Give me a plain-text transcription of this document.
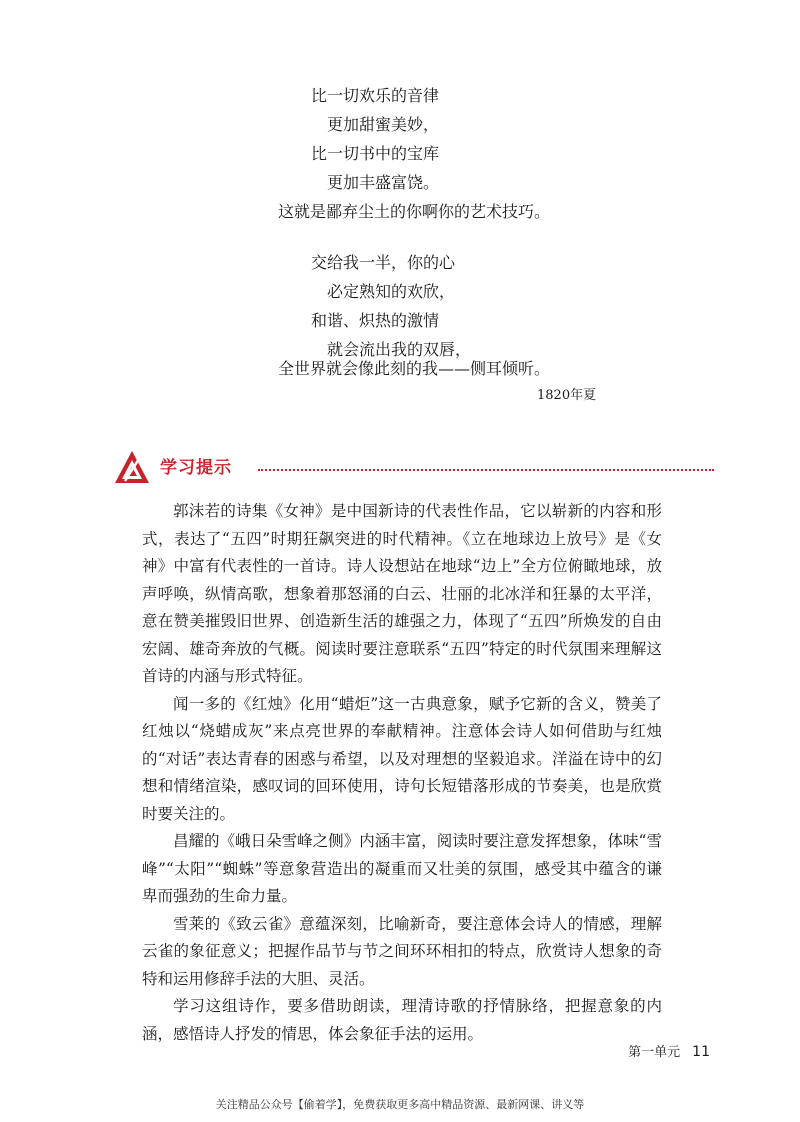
比一切欢乐的音律
更加甜蜜美妙，
比一切书中的宝库
更加丰盛富饶。
这就是鄙弃尘土的你啊你的艺术技巧。
交给我一半，你的心
必定熟知的欢欣，
和谐、炽热的激情
就会流出我的双唇，
全世界就会像此刻的我——侧耳倾听。
1820年夏
学习提示

郭沫若的诗集《女神》是中国新诗的代表性作品，它以崭新的内容和形式，表达了“五四”时期狂飙突进的时代精神。《立在地球边上放号》是《女神》中富有代表性的一首诗。诗人设想站在地球“边上”全方位俯瞰地球，放声呼唤，纵情高歌，想象着那怒涌的白云、壮丽的北冰洋和狂暴的太平洋，意在赞美摧毁旧世界、创造新生活的雄强之力，体现了“五四”所焕发的自由宏阔、雄奇奔放的气概。阅读时要注意联系“五四”特定的时代氛围来理解这首诗的内涵与形式特征。

闻一多的《红烛》化用“蜡炬”这一古典意象，赋予它新的含义，赞美了红烛以“烧蜡成灰”来点亮世界的奉献精神。注意体会诗人如何借助与红烛的“对话”表达青春的困惑与希望，以及对理想的坚毅追求。洋溢在诗中的幻想和情绪渲染，感叹词的回环使用，诗句长短错落形成的节奏美，也是欣赏时要关注的。

昌耀的《峨日朵雪峰之侧》内涵丰富，阅读时要注意发挥想象，体味“雪峰”“太阳”“蜘蛛”等意象营造出的凝重而又壮美的氛围，感受其中蕴含的谦卑而强劲的生命力量。

雪莱的《致云雀》意蕴深刻，比喻新奇，要注意体会诗人的情感，理解云雀的象征意义；把握作品节与节之间环环相扣的特点，欣赏诗人想象的奇特和运用修辞手法的大胆、灵活。

学习这组诗作，要多借助朗读，理清诗歌的抒情脉络，把握意象的内涵，感悟诗人抒发的情思，体会象征手法的运用。

第一单元 11
关注精品公众号【偷着学】，免费获取更多高中精品资源、最新网课、讲义等
